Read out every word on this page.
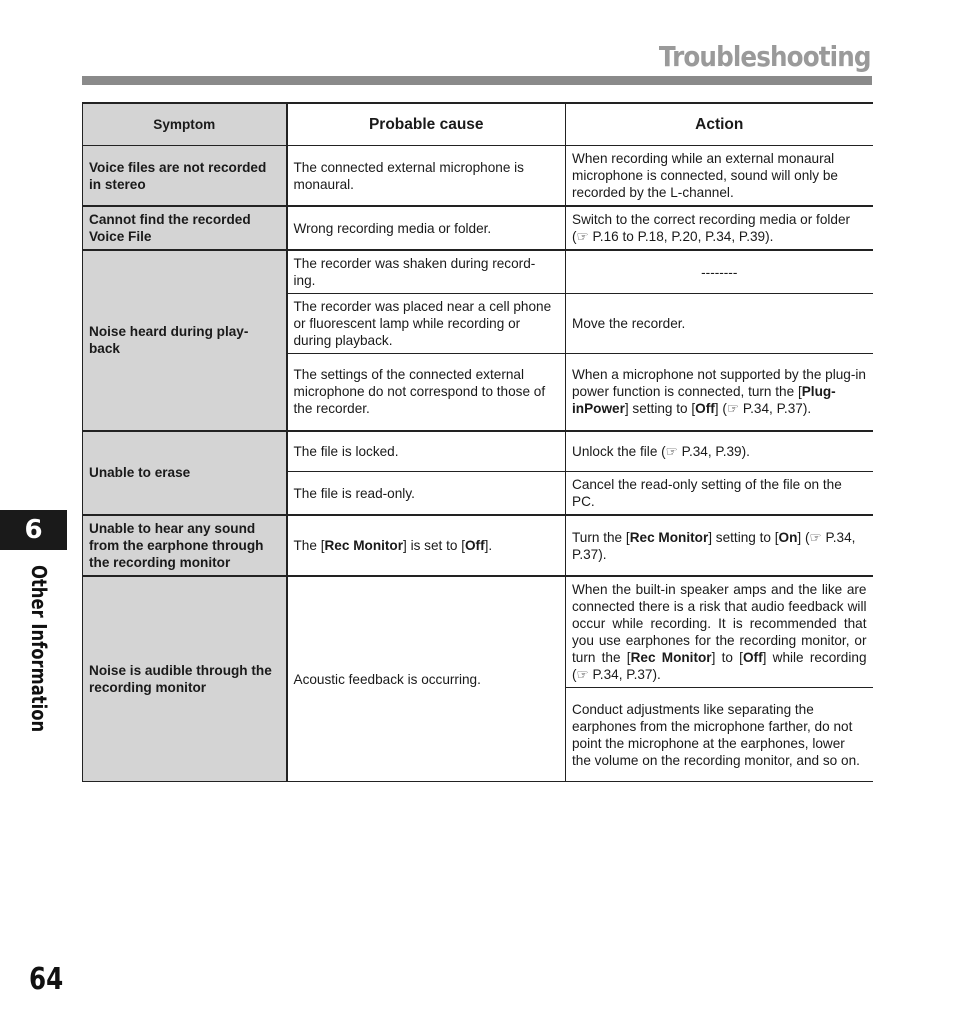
Troubleshooting
6
Other Information
64
Symptom	Probable cause	Action
Voice files are not recorded in stereo	The connected external microphone is monaural.	When recording while an external monaural microphone is connected, sound will only be recorded by the L-channel.
Cannot find the recorded Voice File	Wrong recording media or folder.	Switch to the correct recording media or folder (☞ P.16 to P.18, P.20, P.34, P.39).
Noise heard during play- back	The recorder was shaken during record- ing.	--------
	The recorder was placed near a cell phone or fluorescent lamp while recording or during playback.	Move the recorder.
	The settings of the connected external microphone do not correspond to those of the recorder.	When a microphone not supported by the plug-in power function is connected, turn the [Plug-inPower] setting to [Off] (☞ P.34, P.37).
Unable to erase	The file is locked.	Unlock the file (☞ P.34, P.39).
	The file is read-only.	Cancel the read-only setting of the file on the PC.
Unable to hear any sound from the earphone through the recording monitor	The [Rec Monitor] is set to [Off].	Turn the [Rec Monitor] setting to [On] (☞ P.34, P.37).
Noise is audible through the recording monitor	Acoustic feedback is occurring.	When the built-in speaker amps and the like are connected there is a risk that audio feedback will occur while recording. It is recommended that you use earphones for the recording monitor, or turn the [Rec Monitor] to [Off] while recording (☞ P.34, P.37).
		Conduct adjustments like separating the earphones from the microphone farther, do not point the microphone at the earphones, lower the volume on the recording monitor, and so on.
